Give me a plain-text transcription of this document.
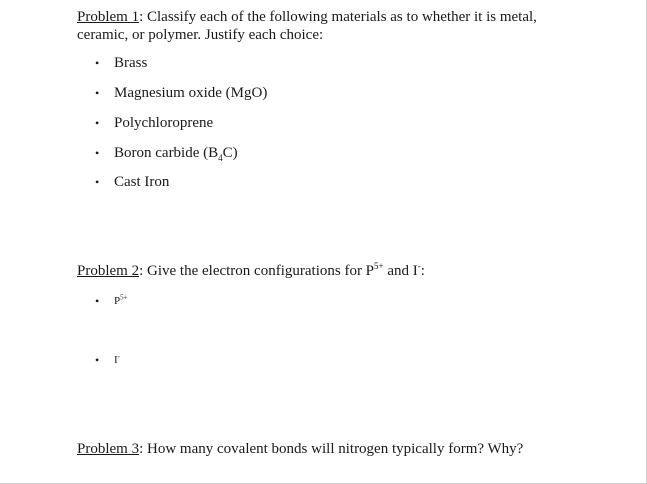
Problem 1: Classify each of the following materials as to whether it is metal,
ceramic, or polymer. Justify each choice:
• Brass
• Magnesium oxide (MgO)
• Polychloroprene
• Boron carbide $(B_4C)$
• Cast Iron
Problem 2: Give the electron configurations for $P^{5+}$ and I-:
• $P^{5+}$
• I-
Problem 3: How many covalent bonds will nitrogen typically form? Why?
